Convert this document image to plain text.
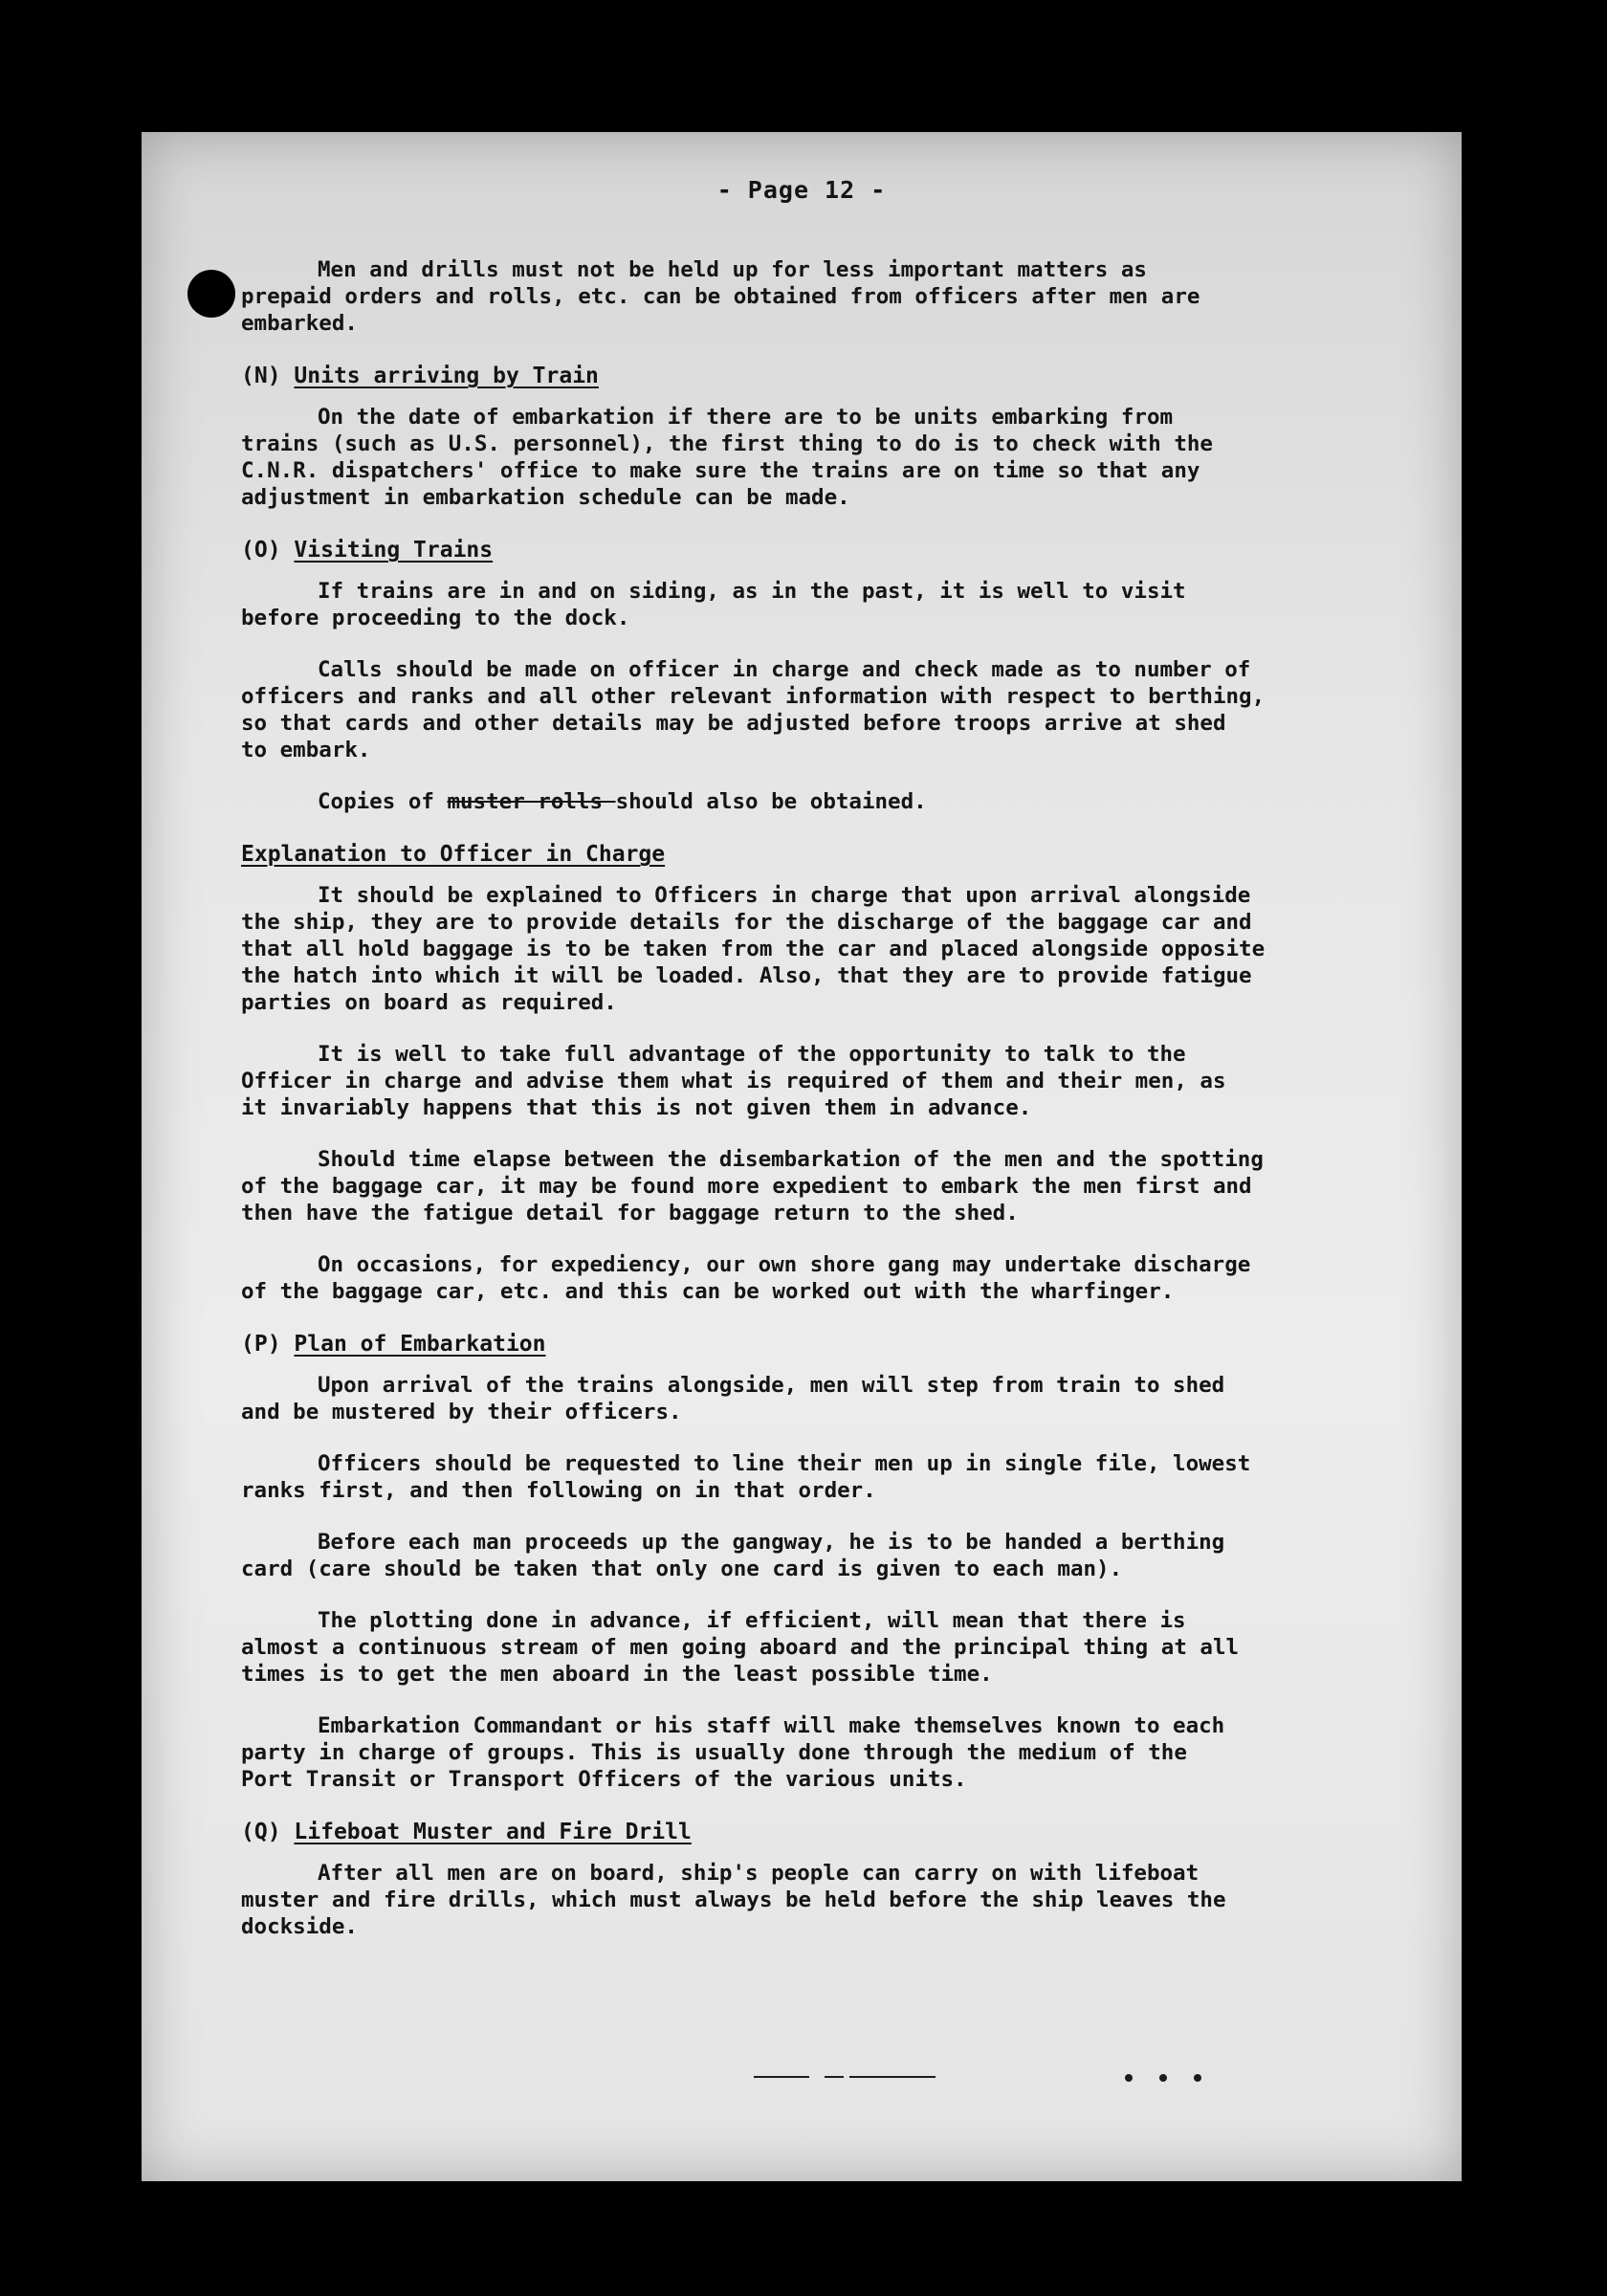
- Page 12 -

Men and drills must not be held up for less important matters as

prepaid orders and rolls, etc. can be obtained from officers after men are

embarked.

(N) Units arriving by Train

On the date of embarkation if there are to be units embarking from

trains (such as U.S. personnel), the first thing to do is to check with the

C.N.R. dispatchers' office to make sure the trains are on time so that any

adjustment in embarkation schedule can be made.

(O) Visiting Trains

If trains are in and on siding, as in the past, it is well to visit

before proceeding to the dock.

Calls should be made on officer in charge and check made as to number of

officers and ranks and all other relevant information with respect to berthing,

so that cards and other details may be adjusted before troops arrive at shed

to embark.

Copies of muster rolls should also be obtained.

Explanation to Officer in Charge

It should be explained to Officers in charge that upon arrival alongside

the ship, they are to provide details for the discharge of the baggage car and

that all hold baggage is to be taken from the car and placed alongside opposite

the hatch into which it will be loaded. Also, that they are to provide fatigue

parties on board as required.

It is well to take full advantage of the opportunity to talk to the

Officer in charge and advise them what is required of them and their men, as

it invariably happens that this is not given them in advance.

Should time elapse between the disembarkation of the men and the spotting

of the baggage car, it may be found more expedient to embark the men first and

then have the fatigue detail for baggage return to the shed.

On occasions, for expediency, our own shore gang may undertake discharge

of the baggage car, etc. and this can be worked out with the wharfinger.

(P) Plan of Embarkation

Upon arrival of the trains alongside, men will step from train to shed

and be mustered by their officers.

Officers should be requested to line their men up in single file, lowest

ranks first, and then following on in that order.

Before each man proceeds up the gangway, he is to be handed a berthing

card (care should be taken that only one card is given to each man).

The plotting done in advance, if efficient, will mean that there is

almost a continuous stream of men going aboard and the principal thing at all

times is to get the men aboard in the least possible time.

Embarkation Commandant or his staff will make themselves known to each

party in charge of groups. This is usually done through the medium of the

Port Transit or Transport Officers of the various units.

(Q) Lifeboat Muster and Fire Drill

After all men are on board, ship's people can carry on with lifeboat

muster and fire drills, which must always be held before the ship leaves the

dockside.
